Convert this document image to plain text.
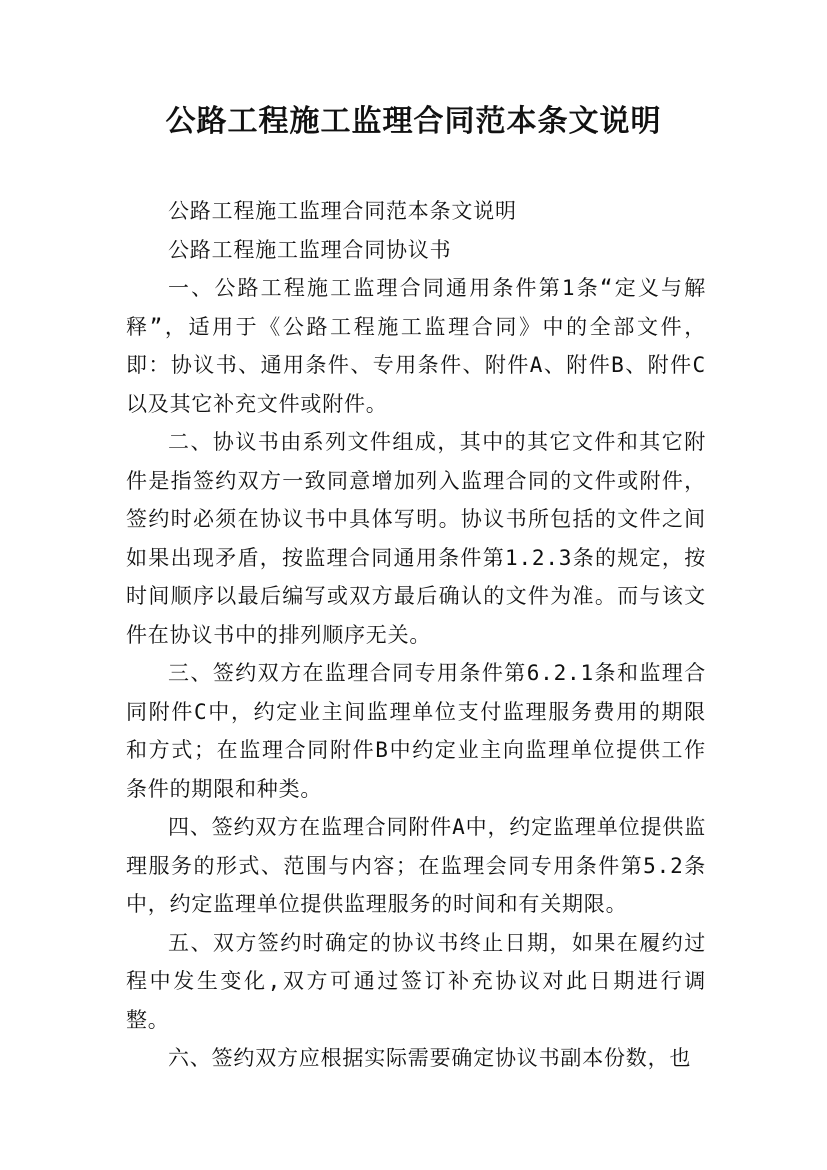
公路工程施工监理合同范本条文说明

公路工程施工监理合同范本条文说明

公路工程施工监理合同协议书

一、公路工程施工监理合同通用条件第1条“定义与解释”，适用于《公路工程施工监理合同》中的全部文件，即：协议书、通用条件、专用条件、附件A、附件B、附件C以及其它补充文件或附件。

二、协议书由系列文件组成，其中的其它文件和其它附件是指签约双方一致同意增加列入监理合同的文件或附件，签约时必须在协议书中具体写明。协议书所包括的文件之间如果出现矛盾，按监理合同通用条件第1.2.3条的规定，按时间顺序以最后编写或双方最后确认的文件为准。而与该文件在协议书中的排列顺序无关。

三、签约双方在监理合同专用条件第6.2.1条和监理合同附件C中，约定业主间监理单位支付监理服务费用的期限和方式；在监理合同附件B中约定业主向监理单位提供工作条件的期限和种类。

四、签约双方在监理合同附件A中，约定监理单位提供监理服务的形式、范围与内容；在监理会同专用条件第5.2条中，约定监理单位提供监理服务的时间和有关期限。

五、双方签约时确定的协议书终止日期，如果在履约过程中发生变化,双方可通过签订补充协议对此日期进行调整。

六、签约双方应根据实际需要确定协议书副本份数，也
